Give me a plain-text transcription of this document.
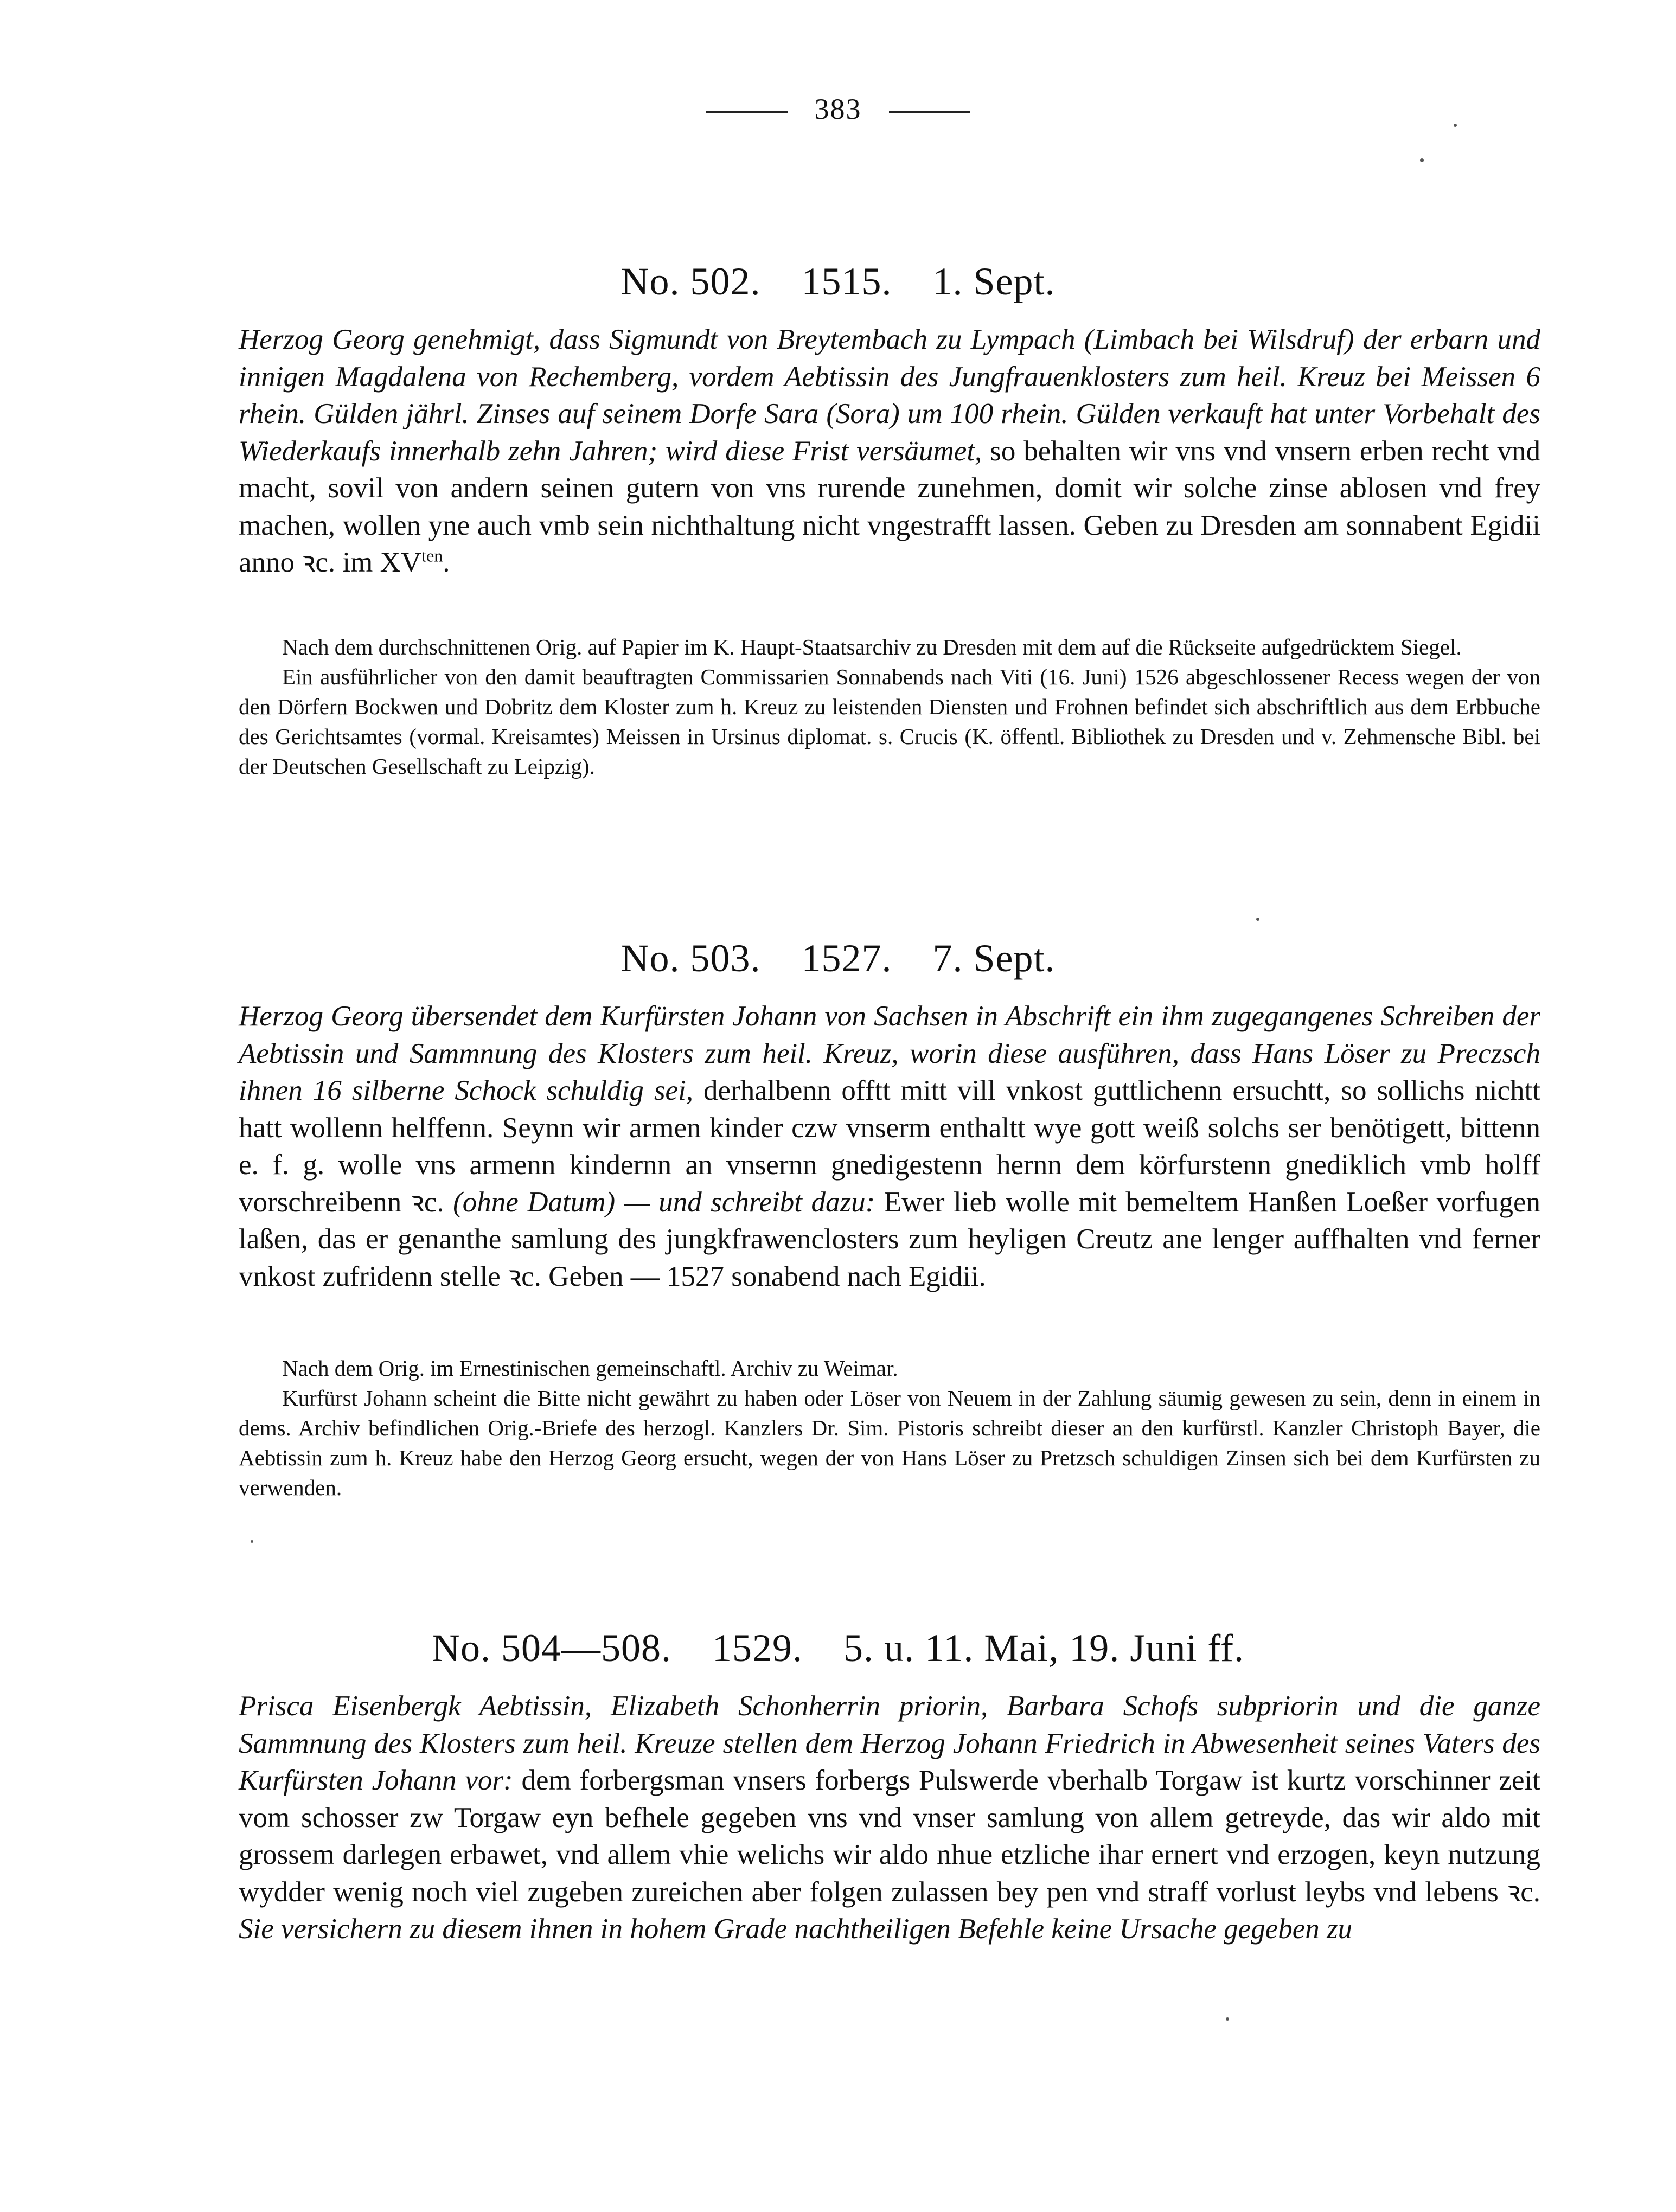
383
No. 502. 1515. 1. Sept.
Herzog Georg genehmigt, dass Sigmundt von Breytembach zu Lympach (Limbach bei Wilsdruf) der erbarn und innigen Magdalena von Rechemberg, vordem Aebtissin des Jungfrauenklosters zum heil. Kreuz bei Meissen 6 rhein. Gülden jährl. Zinses auf seinem Dorfe Sara (Sora) um 100 rhein. Gülden verkauft hat unter Vorbehalt des Wiederkaufs innerhalb zehn Jahren; wird diese Frist versäumet, so behalten wir vns vnd vnsern erben recht vnd macht, sovil von andern seinen gutern von vns rurende zunehmen, domit wir solche zinse ablosen vnd frey machen, wollen yne auch vmb sein nichthaltung nicht vngestrafft lassen. Geben zu Dresden am sonnabent Egidii anno ꝛc. im $XV^{ten}$.

Nach dem durchschnittenen Orig. auf Papier im K. Haupt-Staatsarchiv zu Dresden mit dem auf die Rückseite aufgedrücktem Siegel.

Ein ausführlicher von den damit beauftragten Commissarien Sonnabends nach Viti (16. Juni) 1526 abgeschlossener Recess wegen der von den Dörfern Bockwen und Dobritz dem Kloster zum h. Kreuz zu leistenden Diensten und Frohnen befindet sich abschriftlich aus dem Erbbuche des Gerichtsamtes (vormal. Kreisamtes) Meissen in Ursinus diplomat. s. Crucis (K. öffentl. Bibliothek zu Dresden und v. Zehmensche Bibl. bei der Deutschen Gesellschaft zu Leipzig).

No. 503. 1527. 7. Sept.
Herzog Georg übersendet dem Kurfürsten Johann von Sachsen in Abschrift ein ihm zugegangenes Schreiben der Aebtissin und Sammnung des Klosters zum heil. Kreuz, worin diese ausführen, dass Hans Löser zu Preczsch ihnen 16 silberne Schock schuldig sei, derhalbenn offtt mitt vill vnkost guttlichenn ersuchtt, so sollichs nichtt hatt wollenn helffenn. Seynn wir armen kinder czw vnserm enthaltt wye gott weiß solchs ser benötigett, bittenn e. f. g. wolle vns armenn kindernn an vnsernn gnedigestenn hernn dem körfurstenn gnediklich vmb holff vorschreibenn ꝛc. (ohne Datum) — und schreibt dazu: Ewer lieb wolle mit bemeltem Hanßen Loeßer vorfugen laßen, das er genanthe samlung des jungkfrawenclosters zum heyligen Creutz ane lenger auffhalten vnd ferner vnkost zufridenn stelle ꝛc. Geben — 1527 sonabend nach Egidii.

Nach dem Orig. im Ernestinischen gemeinschaftl. Archiv zu Weimar.

Kurfürst Johann scheint die Bitte nicht gewährt zu haben oder Löser von Neuem in der Zahlung säumig gewesen zu sein, denn in einem in dems. Archiv befindlichen Orig.-Briefe des herzogl. Kanzlers Dr. Sim. Pistoris schreibt dieser an den kurfürstl. Kanzler Christoph Bayer, die Aebtissin zum h. Kreuz habe den Herzog Georg ersucht, wegen der von Hans Löser zu Pretzsch schuldigen Zinsen sich bei dem Kurfürsten zu verwenden.

No. 504—508. 1529. 5. u. 11. Mai, 19. Juni ff.
Prisca Eisenbergk Aebtissin, Elizabeth Schonherrin priorin, Barbara Schofs subpriorin und die ganze Sammnung des Klosters zum heil. Kreuze stellen dem Herzog Johann Friedrich in Abwesenheit seines Vaters des Kurfürsten Johann vor: dem forbergsman vnsers forbergs Pulswerde vberhalb Torgaw ist kurtz vorschinner zeit vom schosser zw Torgaw eyn befhele gegeben vns vnd vnser samlung von allem getreyde, das wir aldo mit grossem darlegen erbawet, vnd allem vhie welichs wir aldo nhue etzliche ihar ernert vnd erzogen, keyn nutzung wydder wenig noch viel zugeben zureichen aber folgen zulassen bey pen vnd straff vorlust leybs vnd lebens ꝛc. Sie versichern zu diesem ihnen in hohem Grade nachtheiligen Befehle keine Ursache gegeben zu
